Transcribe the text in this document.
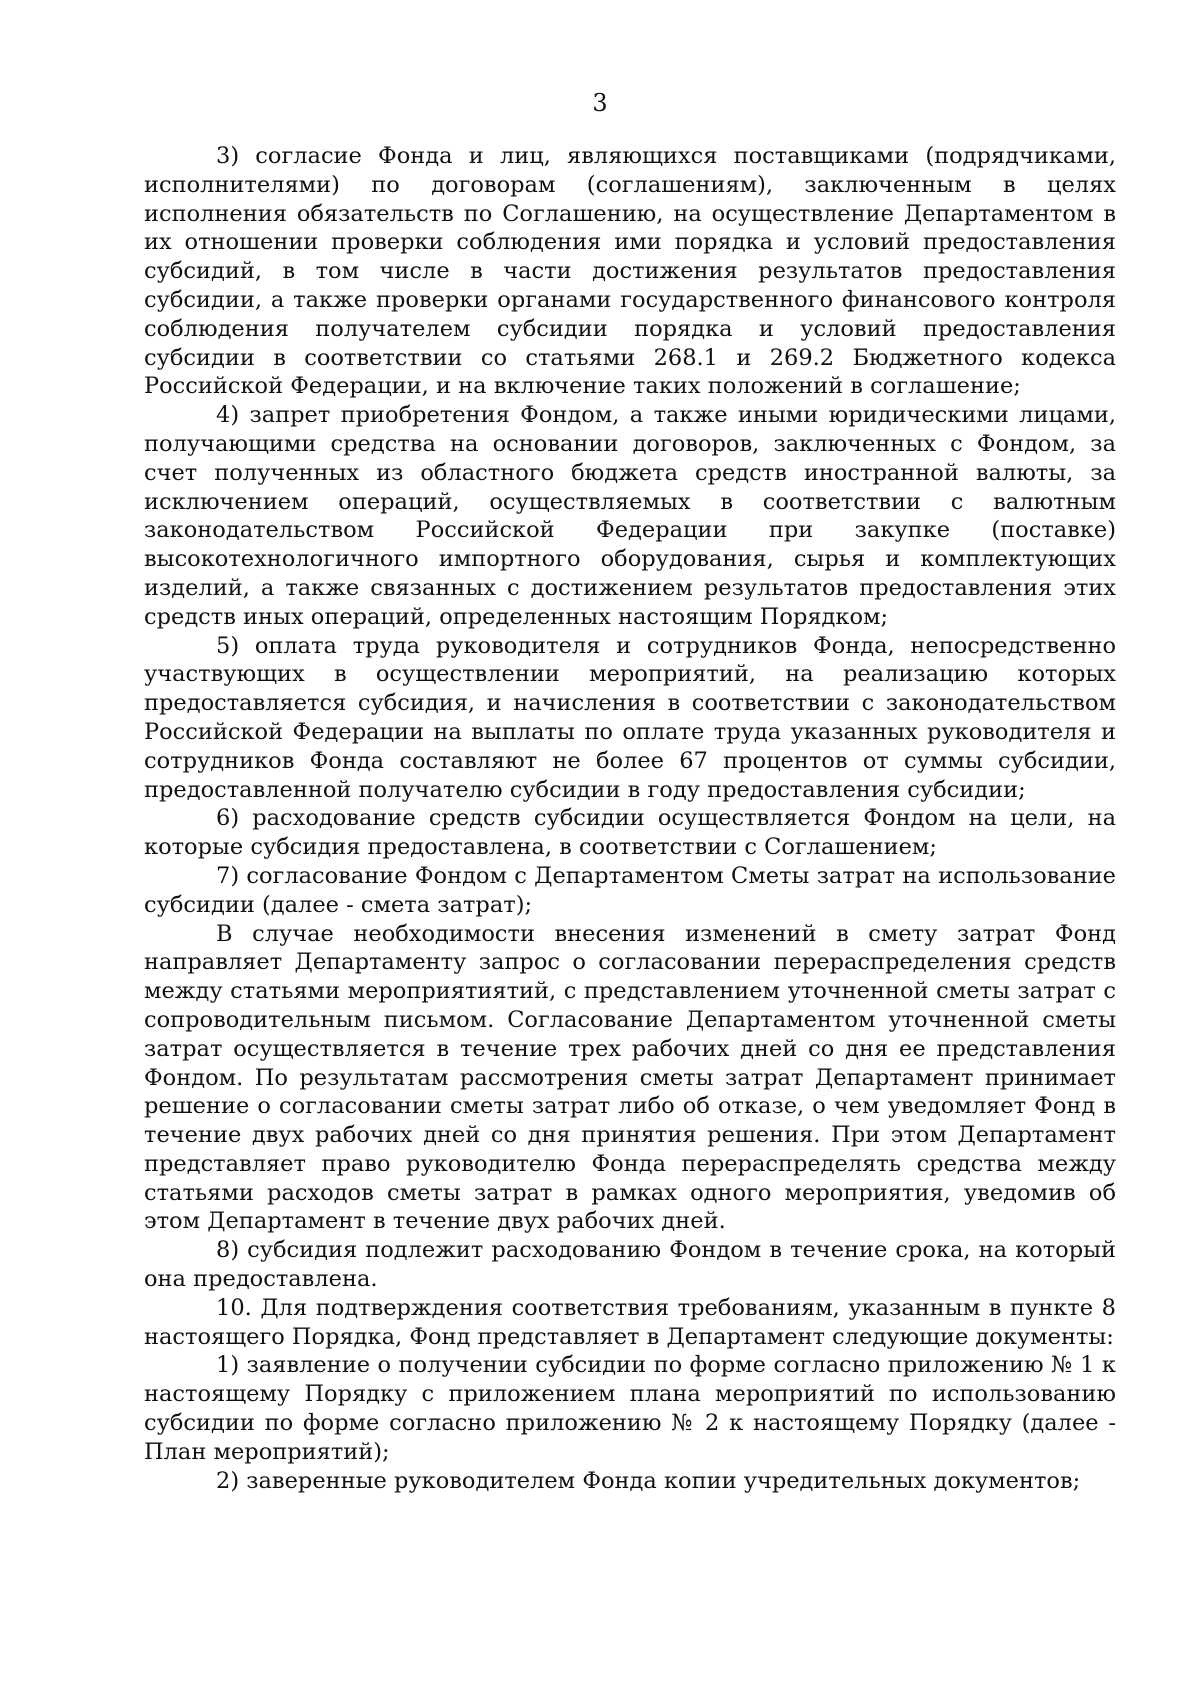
3

3) согласие Фонда и лиц, являющихся поставщиками (подрядчиками, исполнителями) по договорам (соглашениям), заключенным в целях исполнения обязательств по Соглашению, на осуществление Департаментом в их отношении проверки соблюдения ими порядка и условий предоставления субсидий, в том числе в части достижения результатов предоставления субсидии, а также проверки органами государственного финансового контроля соблюдения получателем субсидии порядка и условий предоставления субсидии в соответствии со статьями 268.1 и 269.2 Бюджетного кодекса Российской Федерации, и на включение таких положений в соглашение;

4) запрет приобретения Фондом, а также иными юридическими лицами, получающими средства на основании договоров, заключенных с Фондом, за счет полученных из областного бюджета средств иностранной валюты, за исключением операций, осуществляемых в соответствии с валютным законодательством Российской Федерации при закупке (поставке) высокотехнологичного импортного оборудования, сырья и комплектующих изделий, а также связанных с достижением результатов предоставления этих средств иных операций, определенных настоящим Порядком;

5) оплата труда руководителя и сотрудников Фонда, непосредственно участвующих в осуществлении мероприятий, на реализацию которых предоставляется субсидия, и начисления в соответствии с законодательством Российской Федерации на выплаты по оплате труда указанных руководителя и сотрудников Фонда составляют не более 67 процентов от суммы субсидии, предоставленной получателю субсидии в году предоставления субсидии;

6) расходование средств субсидии осуществляется Фондом на цели, на которые субсидия предоставлена, в соответствии с Соглашением;

7) согласование Фондом с Департаментом Сметы затрат на использование субсидии (далее - смета затрат);

В случае необходимости внесения изменений в смету затрат Фонд направляет Департаменту запрос о согласовании перераспределения средств между статьями мероприятиятий, с представлением уточненной сметы затрат с сопроводительным письмом. Согласование Департаментом уточненной сметы затрат осуществляется в течение трех рабочих дней со дня ее представления Фондом. По результатам рассмотрения сметы затрат Департамент принимает решение о согласовании сметы затрат либо об отказе, о чем уведомляет Фонд в течение двух рабочих дней со дня принятия решения. При этом Департамент представляет право руководителю Фонда перераспределять средства между статьями расходов сметы затрат в рамках одного мероприятия, уведомив об этом Департамент в течение двух рабочих дней.

8) субсидия подлежит расходованию Фондом в течение срока, на который она предоставлена.

10. Для подтверждения соответствия требованиям, указанным в пункте 8 настоящего Порядка, Фонд представляет в Департамент следующие документы:

1) заявление о получении субсидии по форме согласно приложению № 1 к настоящему Порядку с приложением плана мероприятий по использованию субсидии по форме согласно приложению № 2 к настоящему Порядку (далее - План мероприятий);

2) заверенные руководителем Фонда копии учредительных документов;
